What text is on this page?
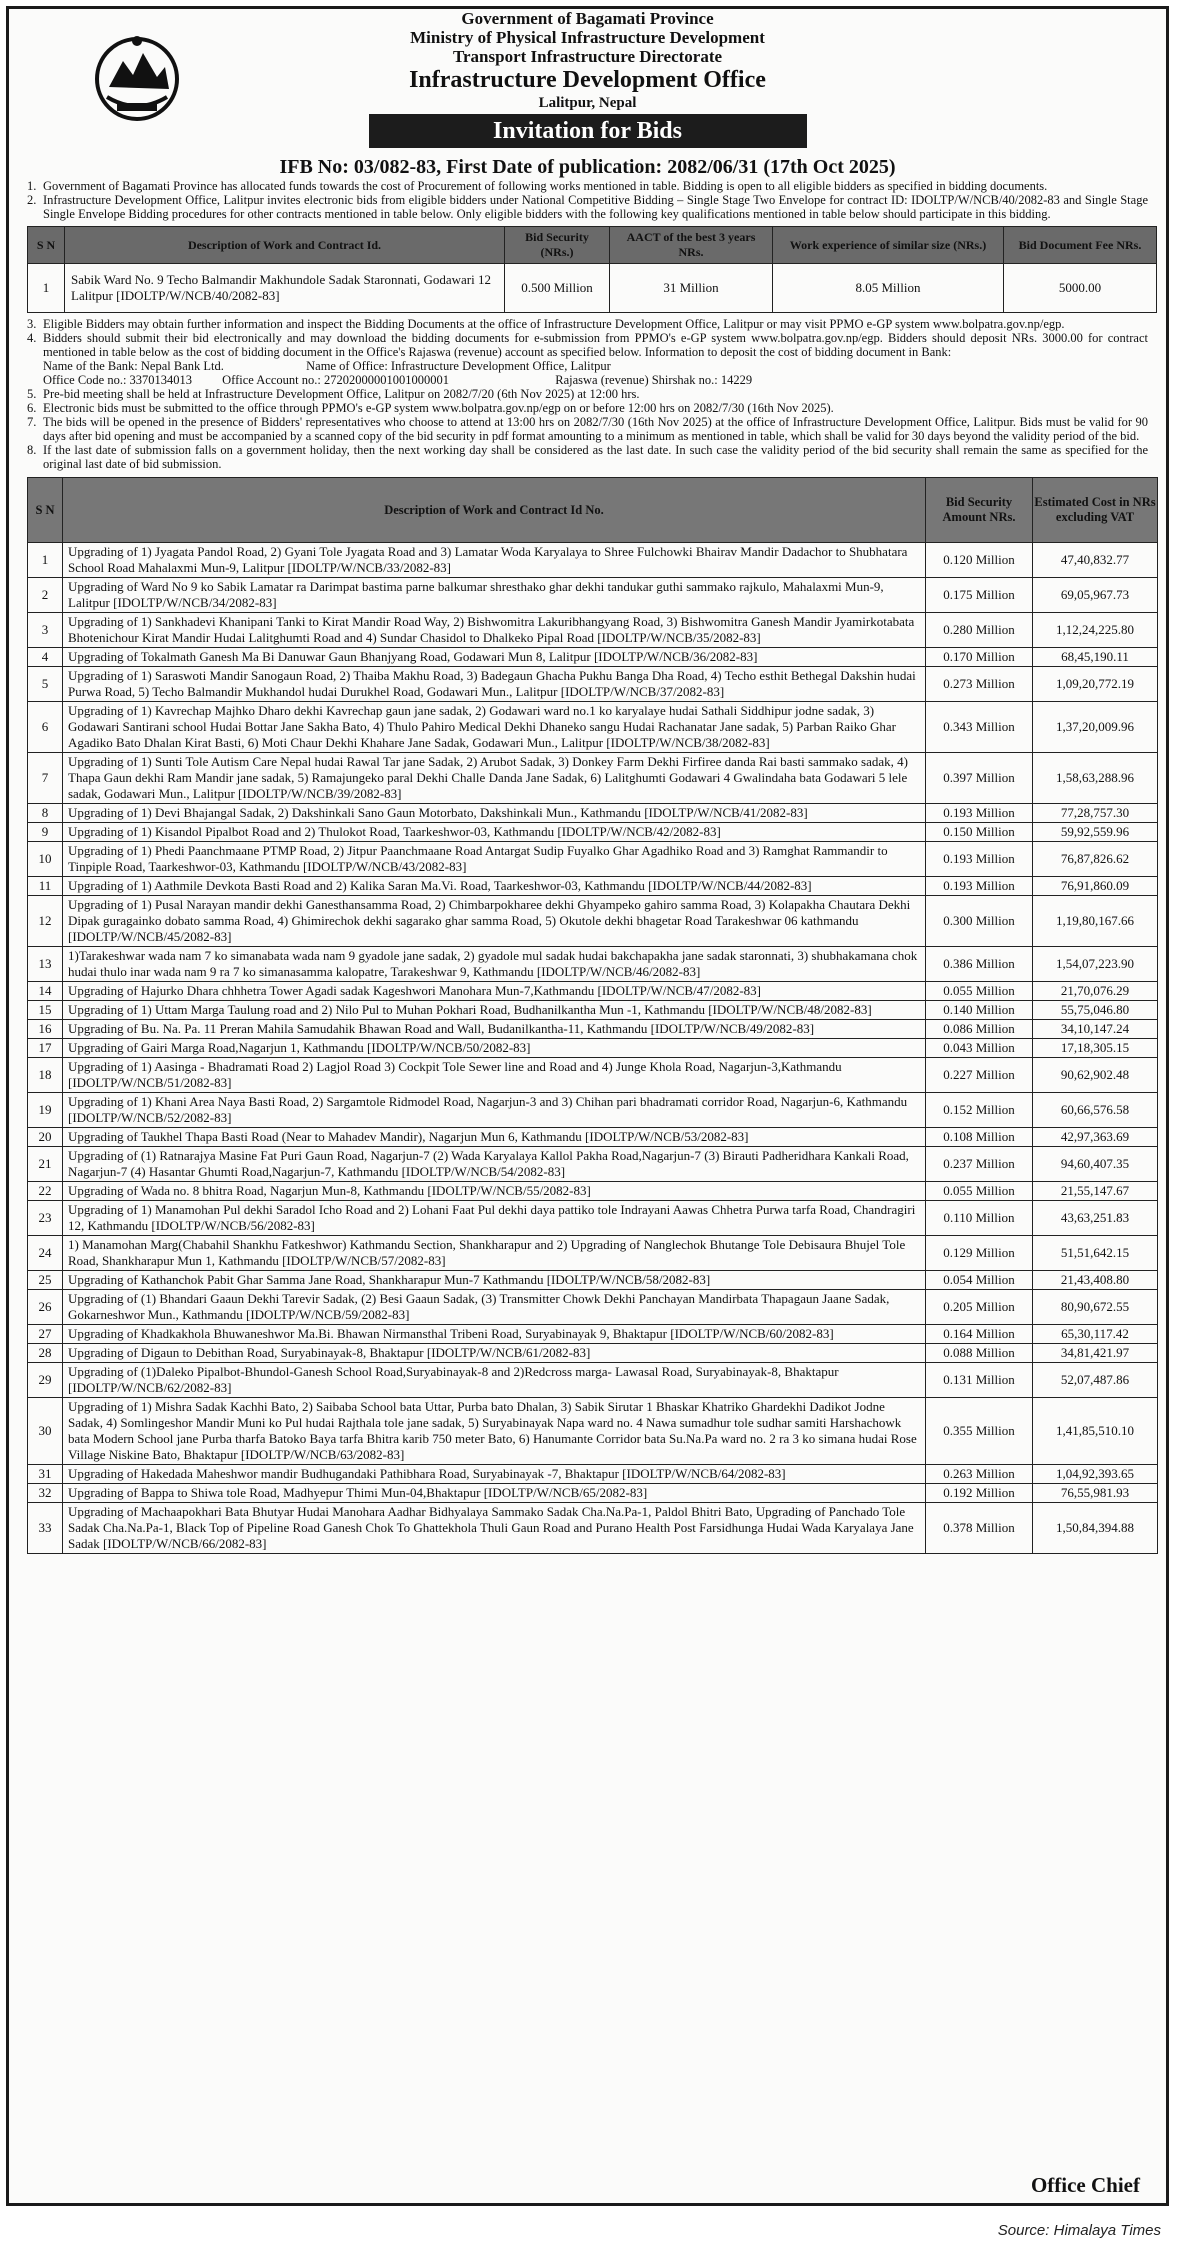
Government of Bagamati Province
Ministry of Physical Infrastructure Development
Transport Infrastructure Directorate
Infrastructure Development Office
Lalitpur, Nepal
Invitation for Bids
IFB No: 03/082-83, First Date of publication: 2082/06/31 (17th Oct 2025)
1. Government of Bagamati Province has allocated funds towards the cost of Procurement of following works mentioned in table. Bidding is open to all eligible bidders as specified in bidding documents.
2. Infrastructure Development Office, Lalitpur invites electronic bids from eligible bidders under National Competitive Bidding – Single Stage Two Envelope for contract ID: IDOLTP/W/NCB/40/2082-83 and Single Stage Single Envelope Bidding procedures for other contracts mentioned in table below. Only eligible bidders with the following key qualifications mentioned in table below should participate in this bidding.
S N	Description of Work and Contract Id.	Bid Security (NRs.)	AACT of the best 3 years NRs.	Work experience of similar size (NRs.)	Bid Document Fee NRs.
1	Sabik Ward No. 9 Techo Balmandir Makhundole Sadak Staronnati, Godawari 12 Lalitpur [IDOLTP/W/NCB/40/2082-83]	0.500 Million	31 Million	8.05 Million	5000.00
3. Eligible Bidders may obtain further information and inspect the Bidding Documents at the office of Infrastructure Development Office, Lalitpur or may visit PPMO e-GP system www.bolpatra.gov.np/egp.
4. Bidders should submit their bid electronically and may download the bidding documents for e-submission from PPMO's e-GP system www.bolpatra.gov.np/egp. Bidders should deposit NRs. 3000.00 for contract mentioned in table below as the cost of bidding document in the Office's Rajaswa (revenue) account as specified below. Information to deposit the cost of bidding document in Bank:
Name of the Bank: Nepal Bank Ltd.	Name of Office: Infrastructure Development Office, Lalitpur
Office Code no.: 3370134013 Office Account no.: 27202000001001000001	Rajaswa (revenue) Shirshak no.: 14229
5. Pre-bid meeting shall be held at Infrastructure Development Office, Lalitpur on 2082/7/20 (6th Nov 2025) at 12:00 hrs.
6. Electronic bids must be submitted to the office through PPMO's e-GP system www.bolpatra.gov.np/egp on or before 12:00 hrs on 2082/7/30 (16th Nov 2025).
7. The bids will be opened in the presence of Bidders' representatives who choose to attend at 13:00 hrs on 2082/7/30 (16th Nov 2025) at the office of Infrastructure Development Office, Lalitpur. Bids must be valid for 90 days after bid opening and must be accompanied by a scanned copy of the bid security in pdf format amounting to a minimum as mentioned in table, which shall be valid for 30 days beyond the validity period of the bid.
8. If the last date of submission falls on a government holiday, then the next working day shall be considered as the last date. In such case the validity period of the bid security shall remain the same as specified for the original last date of bid submission.
S N	Description of Work and Contract Id No.	Bid Security Amount NRs.	Estimated Cost in NRs excluding VAT
1	Upgrading of 1) Jyagata Pandol Road, 2) Gyani Tole Jyagata Road and 3) Lamatar Woda Karyalaya to Shree Fulchowki Bhairav Mandir Dadachor to Shubhatara School Road Mahalaxmi Mun-9, Lalitpur [IDOLTP/W/NCB/33/2082-83]	0.120 Million	47,40,832.77
2	Upgrading of Ward No 9 ko Sabik Lamatar ra Darimpat bastima parne balkumar shresthako ghar dekhi tandukar guthi sammako rajkulo, Mahalaxmi Mun-9, Lalitpur [IDOLTP/W/NCB/34/2082-83]	0.175 Million	69,05,967.73
3	Upgrading of 1) Sankhadevi Khanipani Tanki to Kirat Mandir Road Way, 2) Bishwomitra Lakuribhangyang Road, 3) Bishwomitra Ganesh Mandir Jyamirkotabata Bhotenichour Kirat Mandir Hudai Lalitghumti Road and 4) Sundar Chasidol to Dhalkeko Pipal Road [IDOLTP/W/NCB/35/2082-83]	0.280 Million	1,12,24,225.80
4	Upgrading of Tokalmath Ganesh Ma Bi Danuwar Gaun Bhanjyang Road, Godawari Mun 8, Lalitpur [IDOLTP/W/NCB/36/2082-83]	0.170 Million	68,45,190.11
5	Upgrading of 1) Saraswoti Mandir Sanogaun Road, 2) Thaiba Makhu Road, 3) Badegaun Ghacha Pukhu Banga Dha Road, 4) Techo esthit Bethegal Dakshin hudai Purwa Road, 5) Techo Balmandir Mukhandol hudai Durukhel Road, Godawari Mun., Lalitpur [IDOLTP/W/NCB/37/2082-83]	0.273 Million	1,09,20,772.19
6	Upgrading of 1) Kavrechap Majhko Dharo dekhi Kavrechap gaun jane sadak, 2) Godawari ward no.1 ko karyalaye hudai Sathali Siddhipur jodne sadak, 3) Godawari Santirani school Hudai Bottar Jane Sakha Bato, 4) Thulo Pahiro Medical Dekhi Dhaneko sangu Hudai Rachanatar Jane sadak, 5) Parban Raiko Ghar Agadiko Bato Dhalan Kirat Basti, 6) Moti Chaur Dekhi Khahare Jane Sadak, Godawari Mun., Lalitpur [IDOLTP/W/NCB/38/2082-83]	0.343 Million	1,37,20,009.96
7	Upgrading of 1) Sunti Tole Autism Care Nepal hudai Rawal Tar jane Sadak, 2) Arubot Sadak, 3) Donkey Farm Dekhi Firfiree danda Rai basti sammako sadak, 4) Thapa Gaun dekhi Ram Mandir jane sadak, 5) Ramajungeko paral Dekhi Challe Danda Jane Sadak, 6) Lalitghumti Godawari 4 Gwalindaha bata Godawari 5 lele sadak, Godawari Mun., Lalitpur [IDOLTP/W/NCB/39/2082-83]	0.397 Million	1,58,63,288.96
8	Upgrading of 1) Devi Bhajangal Sadak, 2) Dakshinkali Sano Gaun Motorbato, Dakshinkali Mun., Kathmandu [IDOLTP/W/NCB/41/2082-83]	0.193 Million	77,28,757.30
9	Upgrading of 1) Kisandol Pipalbot Road and 2) Thulokot Road, Taarkeshwor-03, Kathmandu [IDOLTP/W/NCB/42/2082-83]	0.150 Million	59,92,559.96
10	Upgrading of 1) Phedi Paanchmaane PTMP Road, 2) Jitpur Paanchmaane Road Antargat Sudip Fuyalko Ghar Agadhiko Road and 3) Ramghat Rammandir to Tinpiple Road, Taarkeshwor-03, Kathmandu [IDOLTP/W/NCB/43/2082-83]	0.193 Million	76,87,826.62
11	Upgrading of 1) Aathmile Devkota Basti Road and 2) Kalika Saran Ma.Vi. Road, Taarkeshwor-03, Kathmandu [IDOLTP/W/NCB/44/2082-83]	0.193 Million	76,91,860.09
12	Upgrading of 1) Pusal Narayan mandir dekhi Ganesthansamma Road, 2) Chimbarpokharee dekhi Ghyampeko gahiro samma Road, 3) Kolapakha Chautara Dekhi Dipak guragainko dobato samma Road, 4) Ghimirechok dekhi sagarako ghar samma Road, 5) Okutole dekhi bhagetar Road Tarakeshwar 06 kathmandu [IDOLTP/W/NCB/45/2082-83]	0.300 Million	1,19,80,167.66
13	1)Tarakeshwar wada nam 7 ko simanabata wada nam 9 gyadole jane sadak, 2) gyadole mul sadak hudai bakchapakha jane sadak staronnati, 3) shubhakamana chok hudai thulo inar wada nam 9 ra 7 ko simanasamma kalopatre, Tarakeshwar 9, Kathmandu [IDOLTP/W/NCB/46/2082-83]	0.386 Million	1,54,07,223.90
14	Upgrading of Hajurko Dhara chhhetra Tower Agadi sadak Kageshwori Manohara Mun-7,Kathmandu [IDOLTP/W/NCB/47/2082-83]	0.055 Million	21,70,076.29
15	Upgrading of 1) Uttam Marga Taulung road and 2) Nilo Pul to Muhan Pokhari Road, Budhanilkantha Mun -1, Kathmandu [IDOLTP/W/NCB/48/2082-83]	0.140 Million	55,75,046.80
16	Upgrading of Bu. Na. Pa. 11 Preran Mahila Samudahik Bhawan Road and Wall, Budanilkantha-11, Kathmandu [IDOLTP/W/NCB/49/2082-83]	0.086 Million	34,10,147.24
17	Upgrading of Gairi Marga Road,Nagarjun 1, Kathmandu [IDOLTP/W/NCB/50/2082-83]	0.043 Million	17,18,305.15
18	Upgrading of 1) Aasinga - Bhadramati Road 2) Lagjol Road 3) Cockpit Tole Sewer line and Road and 4) Junge Khola Road, Nagarjun-3,Kathmandu [IDOLTP/W/NCB/51/2082-83]	0.227 Million	90,62,902.48
19	Upgrading of 1) Khani Area Naya Basti Road, 2) Sargamtole Ridmodel Road, Nagarjun-3 and 3) Chihan pari bhadramati corridor Road, Nagarjun-6, Kathmandu [IDOLTP/W/NCB/52/2082-83]	0.152 Million	60,66,576.58
20	Upgrading of Taukhel Thapa Basti Road (Near to Mahadev Mandir), Nagarjun Mun 6, Kathmandu [IDOLTP/W/NCB/53/2082-83]	0.108 Million	42,97,363.69
21	Upgrading of (1) Ratnarajya Masine Fat Puri Gaun Road, Nagarjun-7 (2) Wada Karyalaya Kallol Pakha Road,Nagarjun-7 (3) Birauti Padheridhara Kankali Road, Nagarjun-7 (4) Hasantar Ghumti Road,Nagarjun-7, Kathmandu [IDOLTP/W/NCB/54/2082-83]	0.237 Million	94,60,407.35
22	Upgrading of Wada no. 8 bhitra Road, Nagarjun Mun-8, Kathmandu [IDOLTP/W/NCB/55/2082-83]	0.055 Million	21,55,147.67
23	Upgrading of 1) Manamohan Pul dekhi Saradol Icho Road and 2) Lohani Faat Pul dekhi daya pattiko tole Indrayani Aawas Chhetra Purwa tarfa Road, Chandragiri 12, Kathmandu [IDOLTP/W/NCB/56/2082-83]	0.110 Million	43,63,251.83
24	1) Manamohan Marg(Chabahil Shankhu Fatkeshwor) Kathmandu Section, Shankharapur and 2) Upgrading of Nanglechok Bhutange Tole Debisaura Bhujel Tole Road, Shankharapur Mun 1, Kathmandu [IDOLTP/W/NCB/57/2082-83]	0.129 Million	51,51,642.15
25	Upgrading of Kathanchok Pabit Ghar Samma Jane Road, Shankharapur Mun-7 Kathmandu [IDOLTP/W/NCB/58/2082-83]	0.054 Million	21,43,408.80
26	Upgrading of (1) Bhandari Gaaun Dekhi Tarevir Sadak, (2) Besi Gaaun Sadak, (3) Transmitter Chowk Dekhi Panchayan Mandirbata Thapagaun Jaane Sadak, Gokarneshwor Mun., Kathmandu [IDOLTP/W/NCB/59/2082-83]	0.205 Million	80,90,672.55
27	Upgrading of Khadkakhola Bhuwaneshwor Ma.Bi. Bhawan Nirmansthal Tribeni Road, Suryabinayak 9, Bhaktapur [IDOLTP/W/NCB/60/2082-83]	0.164 Million	65,30,117.42
28	Upgrading of Digaun to Debithan Road, Suryabinayak-8, Bhaktapur [IDOLTP/W/NCB/61/2082-83]	0.088 Million	34,81,421.97
29	Upgrading of (1)Daleko Pipalbot-Bhundol-Ganesh School Road,Suryabinayak-8 and 2)Redcross marga- Lawasal Road, Suryabinayak-8, Bhaktapur [IDOLTP/W/NCB/62/2082-83]	0.131 Million	52,07,487.86
30	Upgrading of 1) Mishra Sadak Kachhi Bato, 2) Saibaba School bata Uttar, Purba bato Dhalan, 3) Sabik Sirutar 1 Bhaskar Khatriko Ghardekhi Dadikot Jodne Sadak, 4) Somlingeshor Mandir Muni ko Pul hudai Rajthala tole jane sadak, 5) Suryabinayak Napa ward no. 4 Nawa sumadhur tole sudhar samiti Harshachowk bata Modern School jane Purba tharfa Batoko Baya tarfa Bhitra karib 750 meter Bato, 6) Hanumante Corridor bata Su.Na.Pa ward no. 2 ra 3 ko simana hudai Rose Village Niskine Bato, Bhaktapur [IDOLTP/W/NCB/63/2082-83]	0.355 Million	1,41,85,510.10
31	Upgrading of Hakedada Maheshwor mandir Budhugandaki Pathibhara Road, Suryabinayak -7, Bhaktapur [IDOLTP/W/NCB/64/2082-83]	0.263 Million	1,04,92,393.65
32	Upgrading of Bappa to Shiwa tole Road, Madhyepur Thimi Mun-04,Bhaktapur [IDOLTP/W/NCB/65/2082-83]	0.192 Million	76,55,981.93
33	Upgrading of Machaapokhari Bata Bhutyar Hudai Manohara Aadhar Bidhyalaya Sammako Sadak Cha.Na.Pa-1, Paldol Bhitri Bato, Upgrading of Panchado Tole Sadak Cha.Na.Pa-1, Black Top of Pipeline Road Ganesh Chok To Ghattekhola Thuli Gaun Road and Purano Health Post Farsidhunga Hudai Wada Karyalaya Jane Sadak [IDOLTP/W/NCB/66/2082-83]	0.378 Million	1,50,84,394.88
Office Chief
Source: Himalaya Times
